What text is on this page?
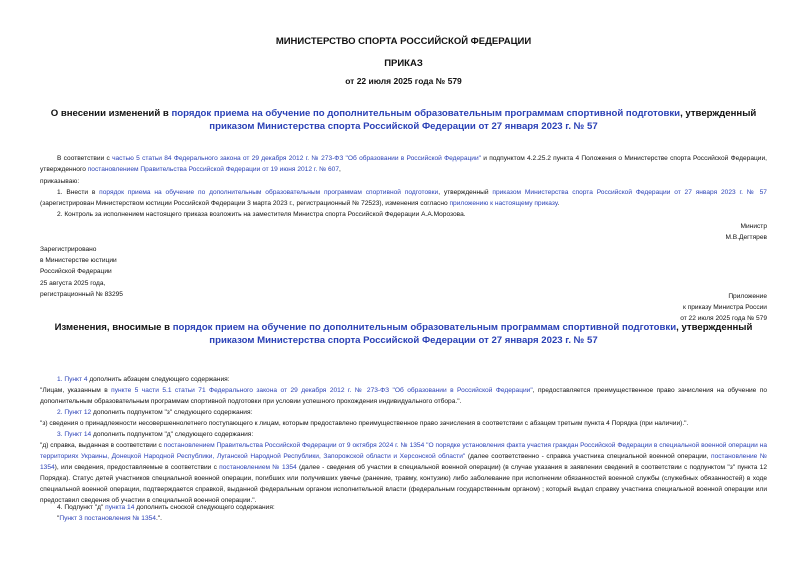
МИНИСТЕРСТВО СПОРТА РОССИЙСКОЙ ФЕДЕРАЦИИ
ПРИКАЗ
от 22 июля 2025 года № 579
О внесении изменений в порядок приема на обучение по дополнительным образовательным программам спортивной подготовки, утвержденный приказом Министерства спорта Российской Федерации от 27 января 2023 г. № 57
В соответствии с частью 5 статьи 84 Федерального закона от 29 декабря 2012 г. № 273-ФЗ "Об образовании в Российской Федерации" и подпунктом 4.2.25.2 пункта 4 Положения о Министерстве спорта Российской Федерации, утвержденного постановлением Правительства Российской Федерации от 19 июня 2012 г. № 607,
приказываю:
1. Внести в порядок приема на обучение по дополнительным образовательным программам спортивной подготовки, утвержденный приказом Министерства спорта Российской Федерации от 27 января 2023 г. № 57 (зарегистрирован Министерством юстиции Российской Федерации 3 марта 2023 г., регистрационный № 72523), изменения согласно приложению к настоящему приказу.
2. Контроль за исполнением настоящего приказа возложить на заместителя Министра спорта Российской Федерации А.А.Морозова.
Министр
М.В.Дегтярев
Зарегистрировано
в Министерстве юстиции
Российской Федерации
25 августа 2025 года,
регистрационный № 83295	Приложение
к приказу Министра России
от 22 июля 2025 года № 579
Изменения, вносимые в порядок прием на обучение по дополнительным образовательным программам спортивной подготовки, утвержденный приказом Министерства спорта Российской Федерации от 27 января 2023 г. № 57
1. Пункт 4 дополнить абзацем следующего содержания:
"Лицам, указанным в пункте 5 части 5.1 статьи 71 Федерального закона от 29 декабря 2012 г. № 273-ФЗ "Об образовании в Российской Федерации", предоставляется преимущественное право зачисления на обучение по дополнительным образовательным программам спортивной подготовки при условии успешного прохождения индивидуального отбора.".
2. Пункт 12 дополнить подпунктом "з" следующего содержания:
"з) сведения о принадлежности несовершеннолетнего поступающего к лицам, которым предоставлено преимущественное право зачисления в соответствии с абзацем третьим пункта 4 Порядка (при наличии).".
3. Пункт 14 дополнить подпунктом "д" следующего содержания:
"д) справка, выданная в соответствии с постановлением Правительства Российской Федерации от 9 октября 2024 г. № 1354 "О порядке установления факта участия граждан Российской Федерации в специальной военной операции на территориях Украины, Донецкой Народной Республики, Луганской Народной Республики, Запорожской области и Херсонской области" (далее соответственно - справка участника специальной военной операции, постановление № 1354), или сведения, предоставляемые в соответствии с постановлением № 1354 (далее - сведения об участии в специальной военной операции) (в случае указания в заявлении сведений в соответствии с подпунктом "з" пункта 12 Порядка). Статус детей участников специальной военной операции, погибших или получивших увечье (ранение, травму, контузию) либо заболевание при исполнении обязанностей военной службы (служебных обязанностей) в ходе специальной военной операции, подтверждается справкой, выданной федеральным органом исполнительной власти (федеральным государственным органом) ; который выдал справку участника специальной военной операции или предоставил сведения об участии в специальной военной операции.".
4. Подпункт "д" пункта 14 дополнить сноской следующего содержания:
"Пункт 3 постановления № 1354.".
